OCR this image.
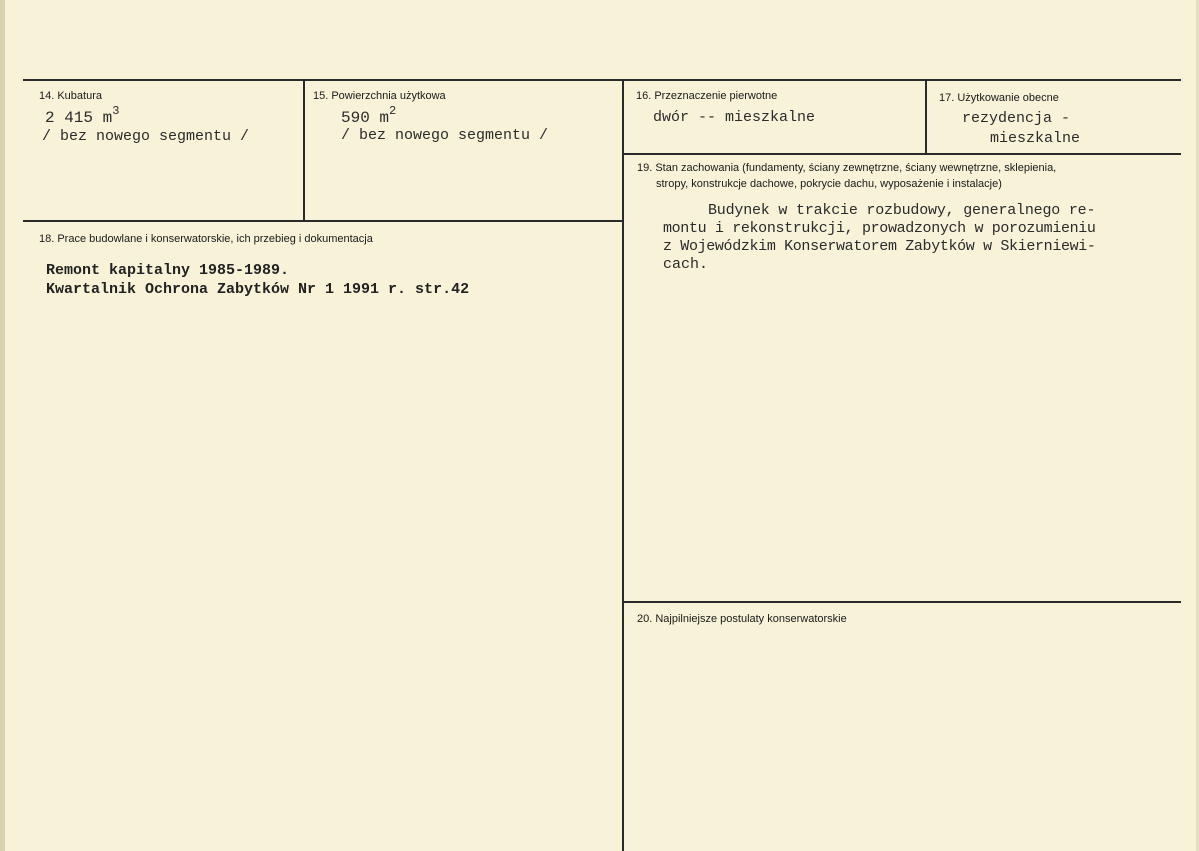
14. Kubatura
2 415 $m^3$
/ bez nowego segmentu /
15. Powierzchnia użytkowa
590 $m^2$
/ bez nowego segmentu /
16. Przeznaczenie pierwotne
dwór -- mieszkalne
17. Użytkowanie obecne
rezydencja -
mieszkalne
18. Prace budowlane i konserwatorskie, ich przebieg i dokumentacja
Remont kapitalny 1985-1989.
Kwartalnik Ochrona Zabytków Nr 1 1991 r. str.42
19. Stan zachowania (fundamenty, ściany zewnętrzne, ściany wewnętrzne, sklepienia,
stropy, konstrukcje dachowe, pokrycie dachu, wyposażenie i instalacje)
Budynek w trakcie rozbudowy, generalnego re-
montu i rekonstrukcji, prowadzonych w porozumieniu
z Wojewódzkim Konserwatorem Zabytków w Skierniewi-
cach.
20. Najpilniejsze postulaty konserwatorskie
